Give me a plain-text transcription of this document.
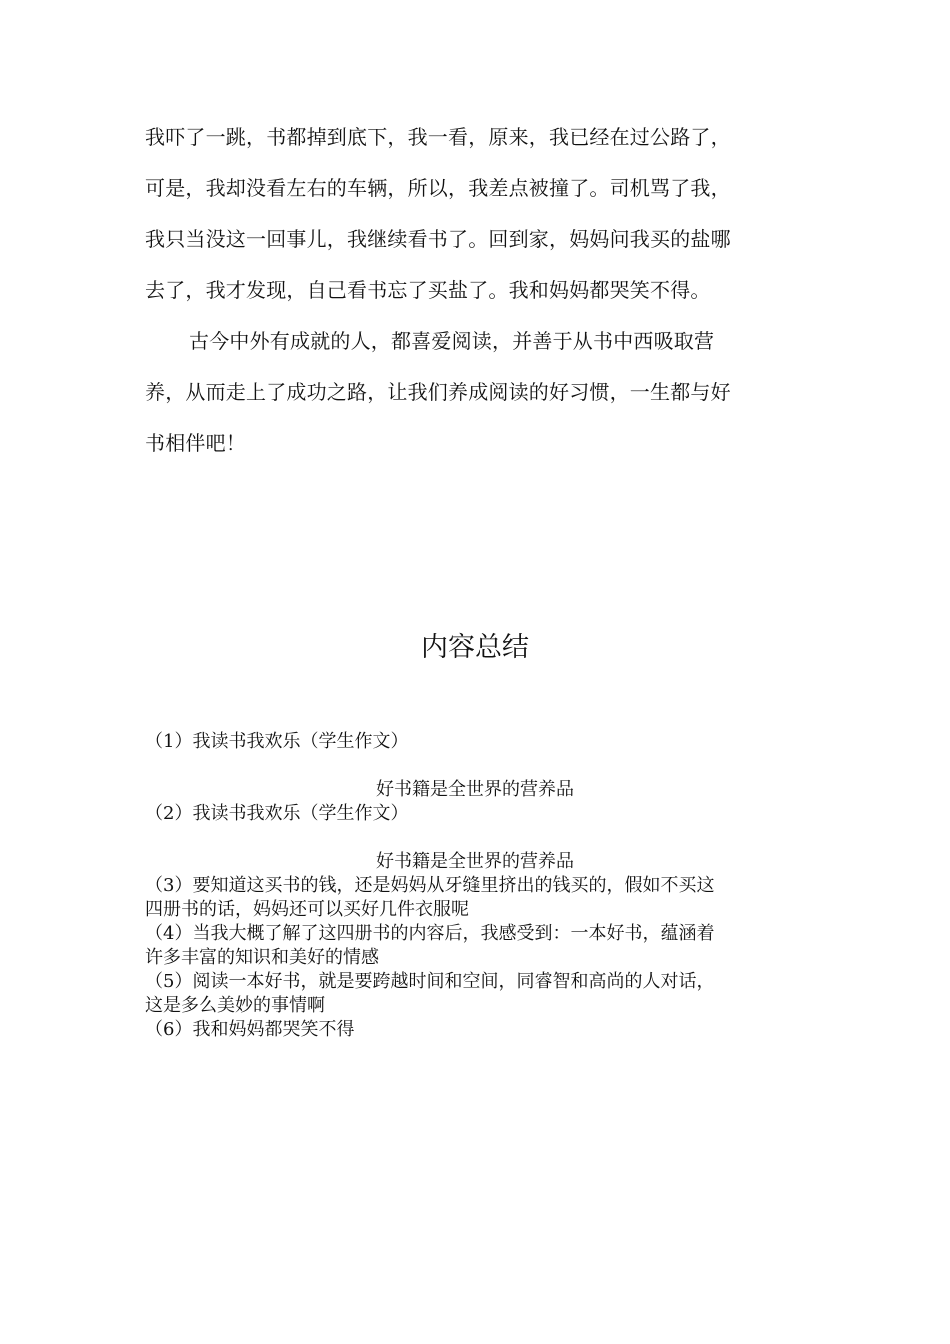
我吓了一跳，书都掉到底下，我一看，原来，我已经在过公路了，
可是，我却没看左右的车辆，所以，我差点被撞了。司机骂了我，
我只当没这一回事儿，我继续看书了。回到家，妈妈问我买的盐哪
去了，我才发现，自己看书忘了买盐了。我和妈妈都哭笑不得。
古今中外有成就的人，都喜爱阅读，并善于从书中西吸取营
养，从而走上了成功之路，让我们养成阅读的好习惯，一生都与好
书相伴吧！
内容总结
（1）我读书我欢乐（学生作文）
好书籍是全世界的营养品
（2）我读书我欢乐（学生作文）
好书籍是全世界的营养品
（3）要知道这买书的钱，还是妈妈从牙缝里挤出的钱买的，假如不买这
四册书的话，妈妈还可以买好几件衣服呢
（4）当我大概了解了这四册书的内容后，我感受到：一本好书，蕴涵着
许多丰富的知识和美好的情感
（5）阅读一本好书，就是要跨越时间和空间，同睿智和高尚的人对话，
这是多么美妙的事情啊
（6）我和妈妈都哭笑不得
